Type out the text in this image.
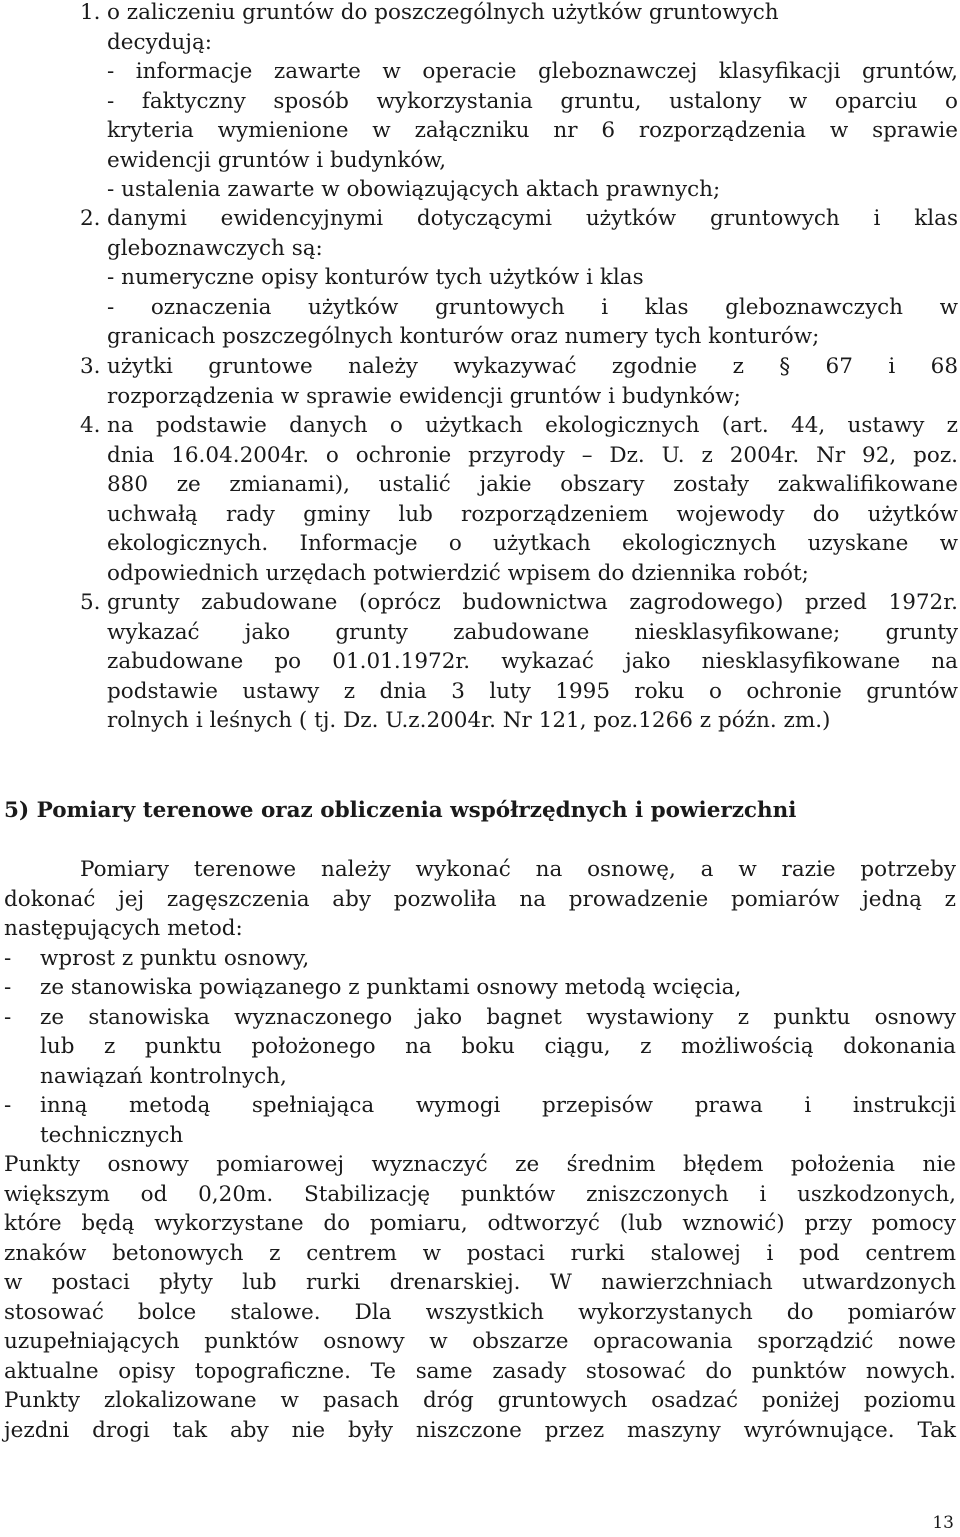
1. o zaliczeniu gruntów do poszczególnych użytków gruntowych
decydują:
- informacje zawarte w operacie gleboznawczej klasyfikacji gruntów,
- faktyczny sposób wykorzystania gruntu, ustalony w oparciu o
kryteria wymienione w załączniku nr 6 rozporządzenia w sprawie
ewidencji gruntów i budynków,
- ustalenia zawarte w obowiązujących aktach prawnych;
2. danymi ewidencyjnymi dotyczącymi użytków gruntowych i klas
gleboznawczych są:
- numeryczne opisy konturów tych użytków i klas
- oznaczenia użytków gruntowych i klas gleboznawczych w
granicach poszczególnych konturów oraz numery tych konturów;
3. użytki gruntowe należy wykazywać zgodnie z § 67 i 68
rozporządzenia w sprawie ewidencji gruntów i budynków;
4. na podstawie danych o użytkach ekologicznych (art. 44, ustawy z
dnia 16.04.2004r. o ochronie przyrody – Dz. U. z 2004r. Nr 92, poz.
880 ze zmianami), ustalić jakie obszary zostały zakwalifikowane
uchwałą rady gminy lub rozporządzeniem wojewody do użytków
ekologicznych. Informacje o użytkach ekologicznych uzyskane w
odpowiednich urzędach potwierdzić wpisem do dziennika robót;
5. grunty zabudowane (oprócz budownictwa zagrodowego) przed 1972r.
wykazać jako grunty zabudowane niesklasyfikowane; grunty
zabudowane po 01.01.1972r. wykazać jako niesklasyfikowane na
podstawie ustawy z dnia 3 luty 1995 roku o ochronie gruntów
rolnych i leśnych ( tj. Dz. U.z.2004r. Nr 121, poz.1266 z późn. zm.)
5) Pomiary terenowe oraz obliczenia współrzędnych i powierzchni
Pomiary terenowe należy wykonać na osnowę, a w razie potrzeby
dokonać jej zagęszczenia aby pozwoliła na prowadzenie pomiarów jedną z
następujących metod:
- wprost z punktu osnowy,
- ze stanowiska powiązanego z punktami osnowy metodą wcięcia,
- ze stanowiska wyznaczonego jako bagnet wystawiony z punktu osnowy
lub z punktu położonego na boku ciągu, z możliwością dokonania
nawiązań kontrolnych,
- inną metodą spełniająca wymogi przepisów prawa i instrukcji
technicznych
Punkty osnowy pomiarowej wyznaczyć ze średnim błędem położenia nie
większym od 0,20m. Stabilizację punktów zniszczonych i uszkodzonych,
które będą wykorzystane do pomiaru, odtworzyć (lub wznowić) przy pomocy
znaków betonowych z centrem w postaci rurki stalowej i pod centrem
w postaci płyty lub rurki drenarskiej. W nawierzchniach utwardzonych
stosować bolce stalowe. Dla wszystkich wykorzystanych do pomiarów
uzupełniających punktów osnowy w obszarze opracowania sporządzić nowe
aktualne opisy topograficzne. Te same zasady stosować do punktów nowych.
Punkty zlokalizowane w pasach dróg gruntowych osadzać poniżej poziomu
jezdni drogi tak aby nie były niszczone przez maszyny wyrównujące. Tak
13
